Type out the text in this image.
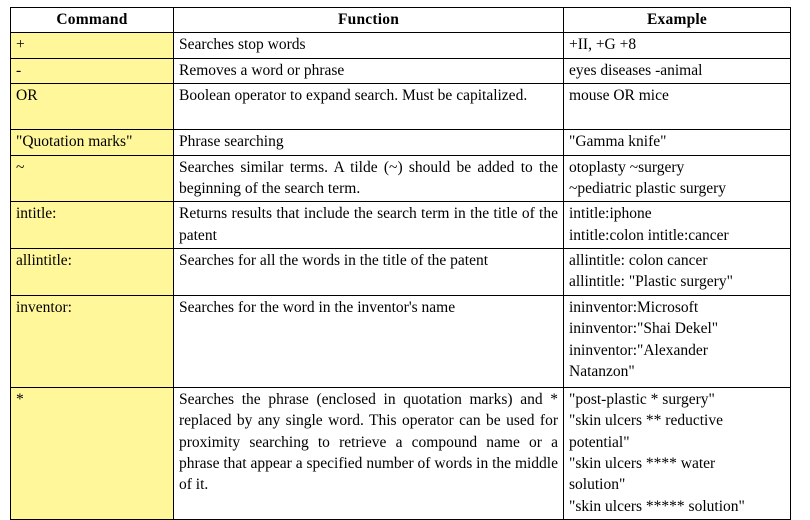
Command	Function	Example
+	Searches stop words	+II, +G +8

-	Removes a word or phrase	eyes diseases -animal

OR	Boolean operator to expand search. Must be capitalized.	mouse OR mice

"Quotation marks"	Phrase searching	"Gamma knife"

~	Searches similar terms. A tilde (~) should be added to the beginning of the search term.	otoplasty ~surgery
~pediatric plastic surgery

intitle:	Returns results that include the search term in the title of the patent	intitle:iphone
intitle:colon intitle:cancer

allintitle:	Searches for all the words in the title of the patent	allintitle: colon cancer
allintitle: "Plastic surgery"

inventor:	Searches for the word in the inventor's name	ininventor:Microsoft
ininventor:"Shai Dekel"
ininventor:"Alexander
Natanzon"

*	Searches the phrase (enclosed in quotation marks) and * replaced by any single word. This operator can be used for proximity searching to retrieve a compound name or a phrase that appear a specified number of words in the middle of it.	
"post-plastic * surgery"
"skin ulcers ** reductive
potential"
"skin ulcers **** water
solution"
"skin ulcers ***** solution"
